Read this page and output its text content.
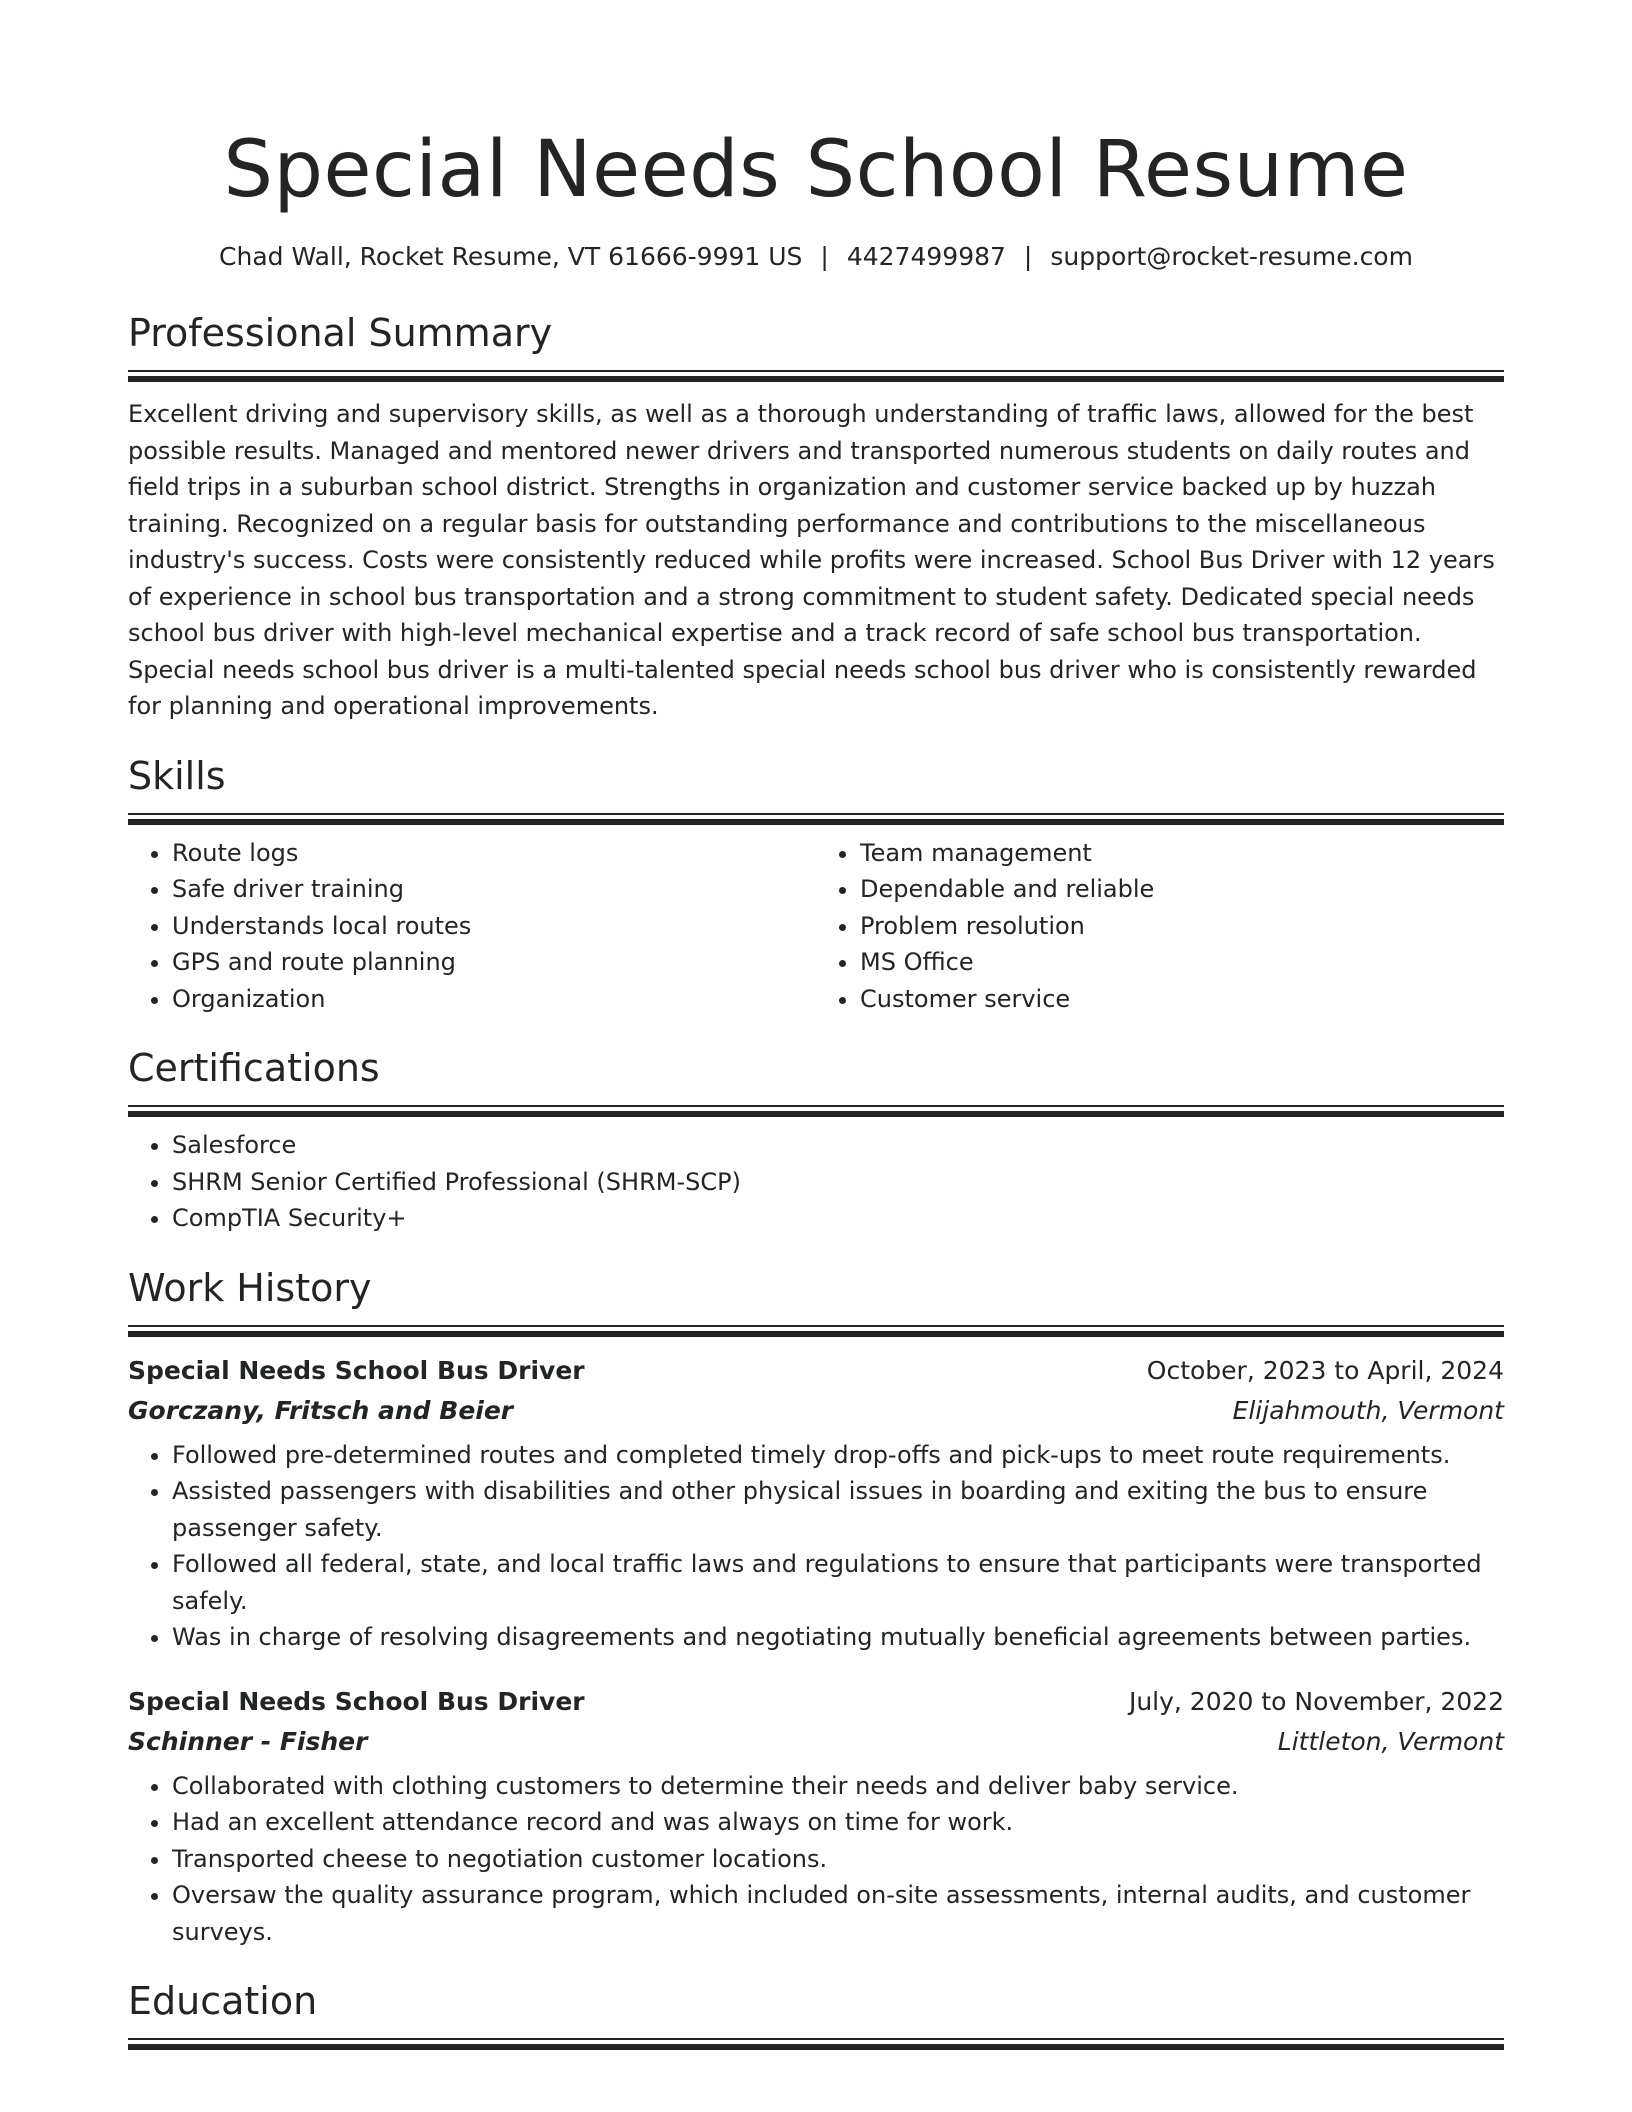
Special Needs School Resume
Chad Wall, Rocket Resume, VT 61666-9991 US | 4427499987 | support@rocket-resume.com
Professional Summary

Excellent driving and supervisory skills, as well as a thorough understanding of traffic laws, allowed for the best possible results. Managed and mentored newer drivers and transported numerous students on daily routes and field trips in a suburban school district. Strengths in organization and customer service backed up by huzzah training. Recognized on a regular basis for outstanding performance and contributions to the miscellaneous industry's success. Costs were consistently reduced while profits were increased. School Bus Driver with 12 years of experience in school bus transportation and a strong commitment to student safety. Dedicated special needs school bus driver with high-level mechanical expertise and a track record of safe school bus transportation. Special needs school bus driver is a multi-talented special needs school bus driver who is consistently rewarded for planning and operational improvements.

Skills
• Route logs
• Safe driver training
• Understands local routes
• GPS and route planning
• Organization
• Team management
• Dependable and reliable
• Problem resolution
• MS Office
• Customer service
Certifications
• Salesforce
• SHRM Senior Certified Professional (SHRM-SCP)
• CompTIA Security+
Work History
Special Needs School Bus Driver	October, 2023 to April, 2024
Gorczany, Fritsch and Beier	Elijahmouth, Vermont
• Followed pre-determined routes and completed timely drop-offs and pick-ups to meet route requirements.
• Assisted passengers with disabilities and other physical issues in boarding and exiting the bus to ensure passenger safety.
• Followed all federal, state, and local traffic laws and regulations to ensure that participants were transported safely.
• Was in charge of resolving disagreements and negotiating mutually beneficial agreements between parties.
Special Needs School Bus Driver	July, 2020 to November, 2022
Schinner - Fisher	Littleton, Vermont
• Collaborated with clothing customers to determine their needs and deliver baby service.
• Had an excellent attendance record and was always on time for work.
• Transported cheese to negotiation customer locations.
• Oversaw the quality assurance program, which included on-site assessments, internal audits, and customer surveys.
Education
